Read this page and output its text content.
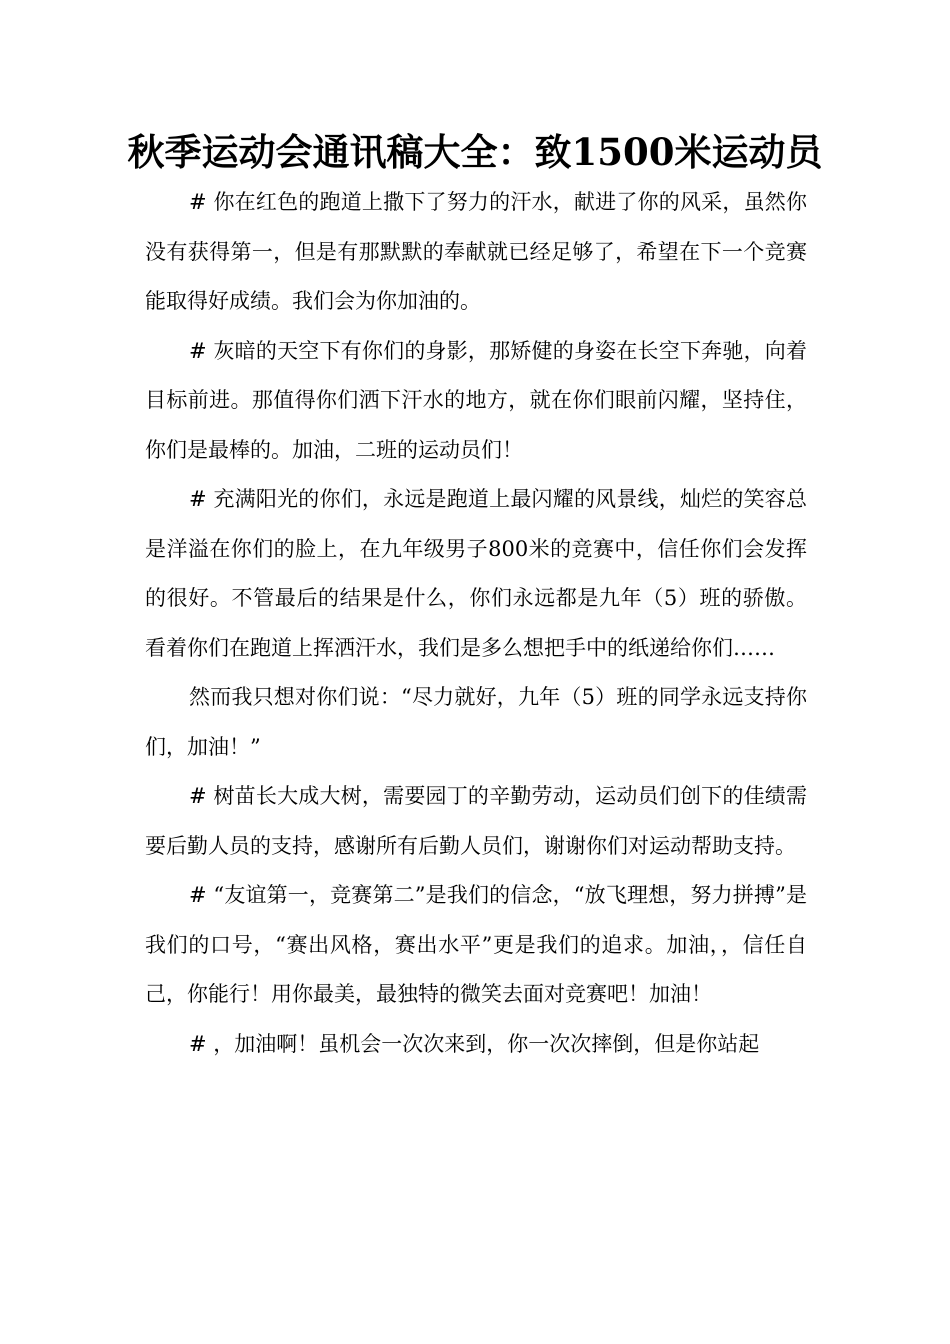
秋季运动会通讯稿大全：致1500米运动员

# 你在红色的跑道上撒下了努力的汗水，献进了你的风采，虽然你没有获得第一，但是有那默默的奉献就已经足够了，希望在下一个竞赛能取得好成绩。我们会为你加油的。

# 灰暗的天空下有你们的身影，那矫健的身姿在长空下奔驰，向着目标前进。那值得你们洒下汗水的地方，就在你们眼前闪耀，坚持住，你们是最棒的。加油，二班的运动员们！

# 充满阳光的你们，永远是跑道上最闪耀的风景线，灿烂的笑容总是洋溢在你们的脸上，在九年级男子800米的竞赛中，信任你们会发挥的很好。不管最后的结果是什么，你们永远都是九年（5）班的骄傲。看着你们在跑道上挥洒汗水，我们是多么想把手中的纸递给你们……

然而我只想对你们说：“尽力就好，九年（5）班的同学永远支持你们，加油！”

# 树苗长大成大树，需要园丁的辛勤劳动，运动员们创下的佳绩需要后勤人员的支持，感谢所有后勤人员们，谢谢你们对运动帮助支持。

# “友谊第一，竞赛第二”是我们的信念，“放飞理想，努力拼搏”是我们的口号，“赛出风格，赛出水平”更是我们的追求。加油，，信任自己，你能行！用你最美，最独特的微笑去面对竞赛吧！加油！

# ，加油啊！虽机会一次次来到，你一次次摔倒，但是你站起
